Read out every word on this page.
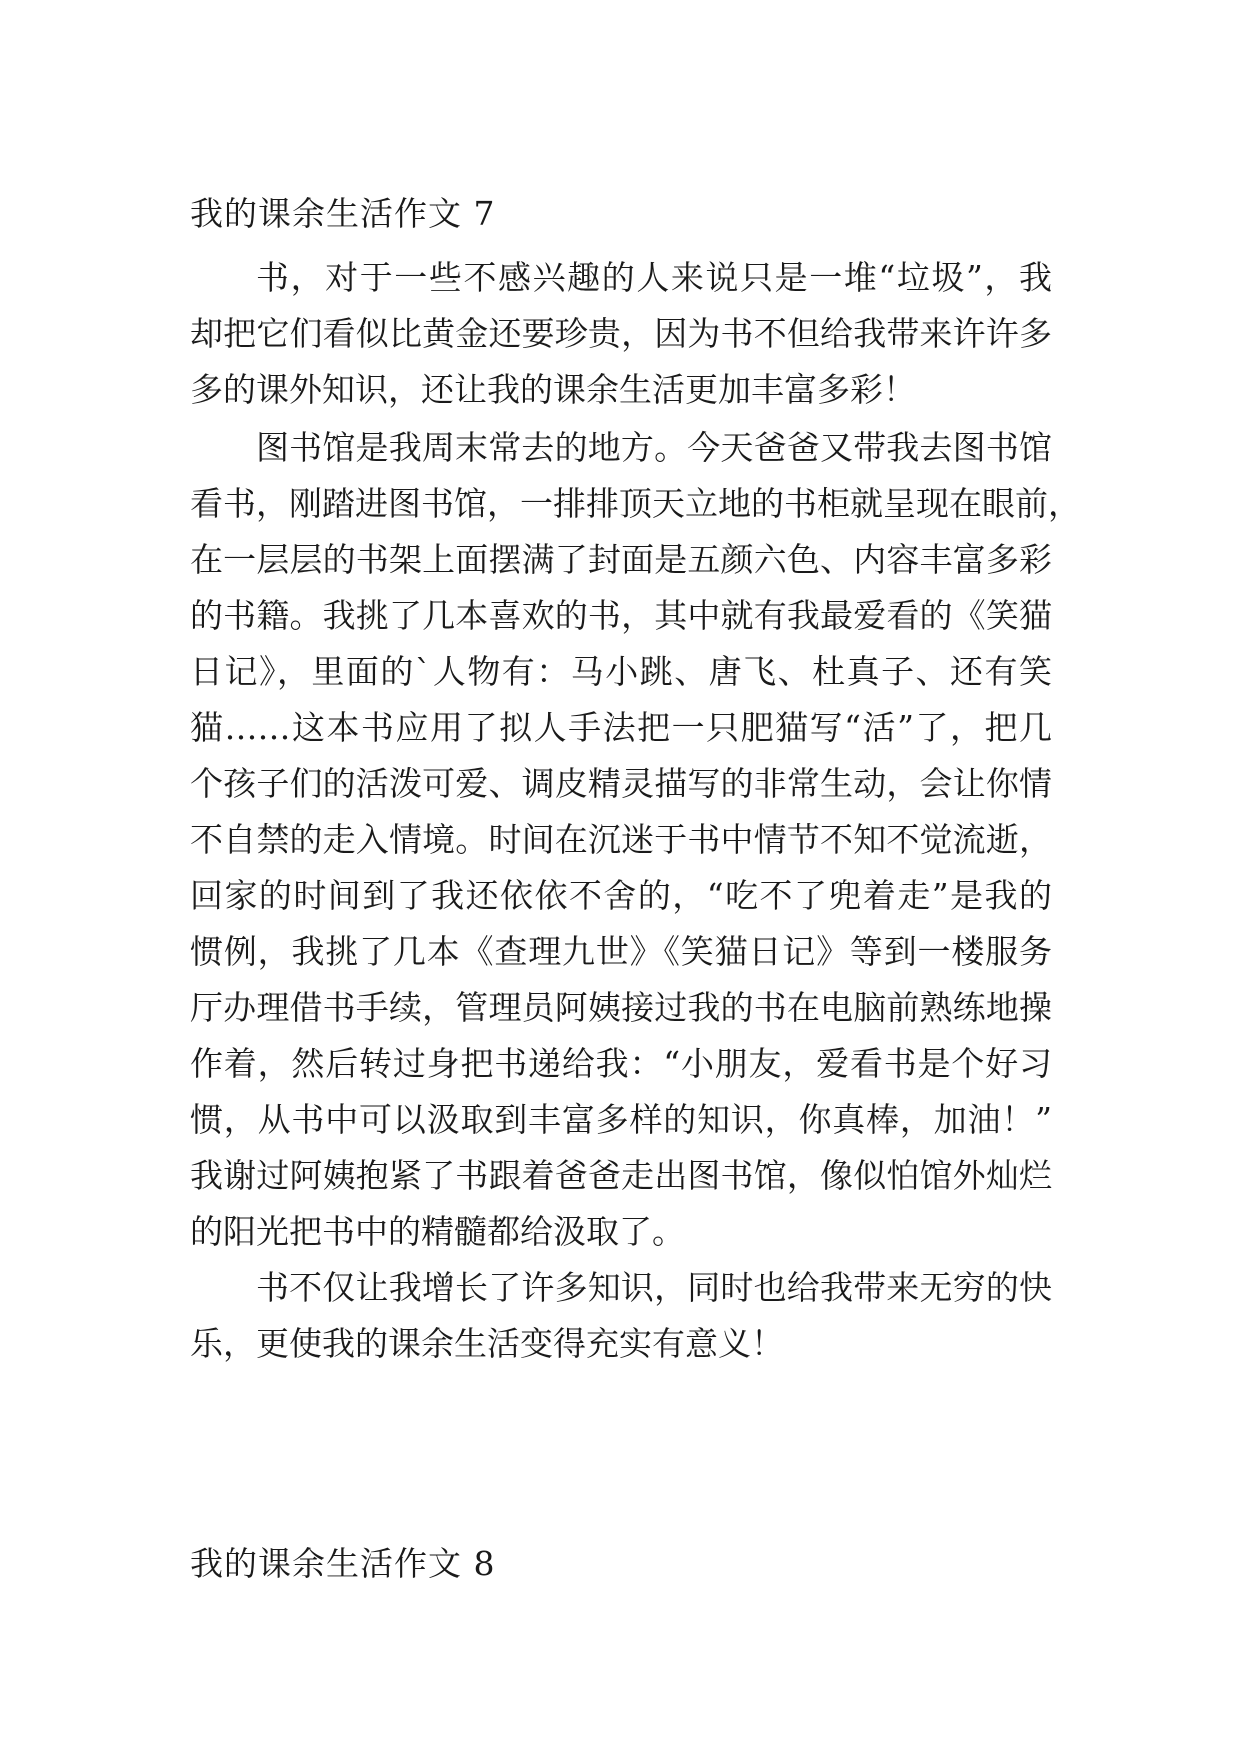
我的课余生活作文 7
书，对于一些不感兴趣的人来说只是一堆“垃圾”，我
却把它们看似比黄金还要珍贵，因为书不但给我带来许许多
多的课外知识，还让我的课余生活更加丰富多彩！
图书馆是我周末常去的地方。今天爸爸又带我去图书馆
看书，刚踏进图书馆，一排排顶天立地的书柜就呈现在眼前，
在一层层的书架上面摆满了封面是五颜六色、内容丰富多彩
的书籍。我挑了几本喜欢的书，其中就有我最爱看的《笑猫
日记》，里面的`人物有：马小跳、唐飞、杜真子、还有笑
猫……这本书应用了拟人手法把一只肥猫写“活”了，把几
个孩子们的活泼可爱、调皮精灵描写的非常生动，会让你情
不自禁的走入情境。时间在沉迷于书中情节不知不觉流逝，
回家的时间到了我还依依不舍的，“吃不了兜着走”是我的
惯例，我挑了几本《查理九世》《笑猫日记》等到一楼服务
厅办理借书手续，管理员阿姨接过我的书在电脑前熟练地操
作着，然后转过身把书递给我：“小朋友，爱看书是个好习
惯，从书中可以汲取到丰富多样的知识，你真棒，加油！”
我谢过阿姨抱紧了书跟着爸爸走出图书馆，像似怕馆外灿烂
的阳光把书中的精髓都给汲取了。
书不仅让我增长了许多知识，同时也给我带来无穷的快
乐，更使我的课余生活变得充实有意义！
我的课余生活作文 8
